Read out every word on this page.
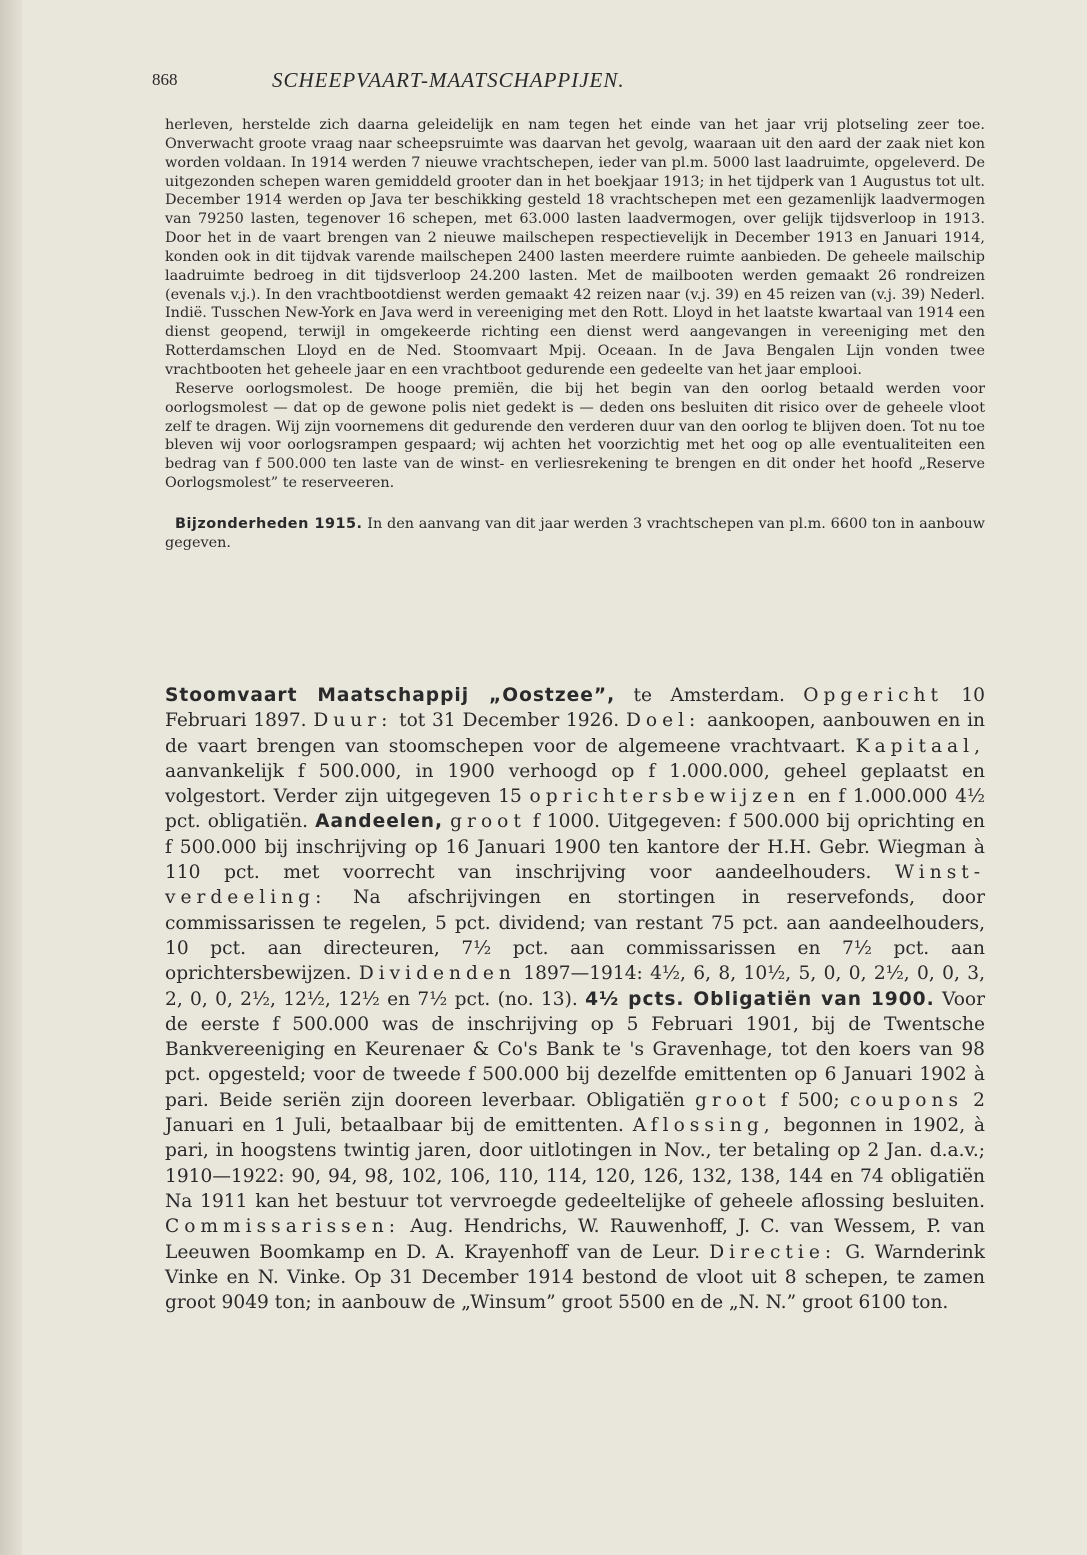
868	SCHEEPVAART-MAATSCHAPPIJEN.

herleven, herstelde zich daarna geleidelijk en nam tegen het einde van het jaar vrij plotseling zeer toe. Onverwacht groote vraag naar scheepsruimte was daarvan het gevolg, waaraan uit den aard der zaak niet kon worden voldaan. In 1914 werden 7 nieuwe vrachtschepen, ieder van pl.m. 5000 last laadruimte, opgeleverd. De uitgezonden schepen waren gemiddeld grooter dan in het boekjaar 1913; in het tijdperk van 1 Augustus tot ult. December 1914 werden op Java ter beschikking gesteld 18 vrachtschepen met een gezamenlijk laadvermogen van 79250 lasten, tegenover 16 schepen, met 63.000 lasten laadvermogen, over gelijk tijdsverloop in 1913. Door het in de vaart brengen van 2 nieuwe mailschepen respectievelijk in December 1913 en Januari 1914, konden ook in dit tijdvak varende mailschepen 2400 lasten meerdere ruimte aanbieden. De geheele mailschip laadruimte bedroeg in dit tijdsverloop 24.200 lasten. Met de mailbooten werden gemaakt 26 rondreizen (evenals v.j.). In den vrachtbootdienst werden gemaakt 42 reizen naar (v.j. 39) en 45 reizen van (v.j. 39) Nederl. Indië. Tusschen New-York en Java werd in vereeniging met den Rott. Lloyd in het laatste kwartaal van 1914 een dienst geopend, terwijl in omgekeerde richting een dienst werd aangevangen in vereeniging met den Rotterdamschen Lloyd en de Ned. Stoomvaart Mpij. Oceaan. In de Java Bengalen Lijn vonden twee vrachtbooten het geheele jaar en een vrachtboot gedurende een gedeelte van het jaar emplooi.

Reserve oorlogsmolest. De hooge premiën, die bij het begin van den oorlog betaald werden voor oorlogsmolest — dat op de gewone polis niet gedekt is — deden ons besluiten dit risico over de geheele vloot zelf te dragen. Wij zijn voornemens dit gedurende den verderen duur van den oorlog te blijven doen. Tot nu toe bleven wij voor oorlogsrampen gespaard; wij achten het voorzichtig met het oog op alle eventualiteiten een bedrag van f 500.000 ten laste van de winst- en verliesrekening te brengen en dit onder het hoofd „Reserve Oorlogsmolest” te reserveeren.

Bijzonderheden 1915. In den aanvang van dit jaar werden 3 vrachtschepen van pl.m. 6600 ton in aanbouw gegeven.

Stoomvaart Maatschappij „Oostzee”, te Amsterdam. Opgericht 10 Februari 1897. Duur: tot 31 December 1926. Doel: aankoopen, aanbouwen en in de vaart brengen van stoomschepen voor de algemeene vrachtvaart. Kapitaal, aanvankelijk f 500.000, in 1900 verhoogd op f 1.000.000, geheel geplaatst en volgestort. Verder zijn uitgegeven 15 oprichtersbewijzen en f 1.000.000 4½ pct. obligatiën. Aandeelen, groot f 1000. Uitgegeven: f 500.000 bij oprichting en f 500.000 bij inschrijving op 16 Januari 1900 ten kantore der H.H. Gebr. Wiegman à 110 pct. met voorrecht van inschrijving voor aandeelhouders. Winst-verdeeling: Na afschrijvingen en stortingen in reservefonds, door commissarissen te regelen, 5 pct. dividend; van restant 75 pct. aan aandeelhouders, 10 pct. aan directeuren, 7½ pct. aan commissarissen en 7½ pct. aan oprichtersbewijzen. Dividenden 1897—1914: 4½, 6, 8, 10½, 5, 0, 0, 2½, 0, 0, 3, 2, 0, 0, 2½, 12½, 12½ en 7½ pct. (no. 13). 4½ pcts. Obligatiën van 1900. Voor de eerste f 500.000 was de inschrijving op 5 Februari 1901, bij de Twentsche Bankvereeniging en Keurenaer & Co's Bank te 's Gravenhage, tot den koers van 98 pct. opgesteld; voor de tweede f 500.000 bij dezelfde emittenten op 6 Januari 1902 à pari. Beide seriën zijn dooreen leverbaar. Obligatiën groot f 500; coupons 2 Januari en 1 Juli, betaalbaar bij de emittenten. Aflossing, begonnen in 1902, à pari, in hoogstens twintig jaren, door uitlotingen in Nov., ter betaling op 2 Jan. d.a.v.; 1910—1922: 90, 94, 98, 102, 106, 110, 114, 120, 126, 132, 138, 144 en 74 obligatiën Na 1911 kan het bestuur tot vervroegde gedeeltelijke of geheele aflossing besluiten. Commissarissen: Aug. Hendrichs, W. Rauwenhoff, J. C. van Wessem, P. van Leeuwen Boomkamp en D. A. Krayenhoff van de Leur. Directie: G. Warnderink Vinke en N. Vinke. Op 31 December 1914 bestond de vloot uit 8 schepen, te zamen groot 9049 ton; in aanbouw de „Winsum” groot 5500 en de „N. N.” groot 6100 ton.
